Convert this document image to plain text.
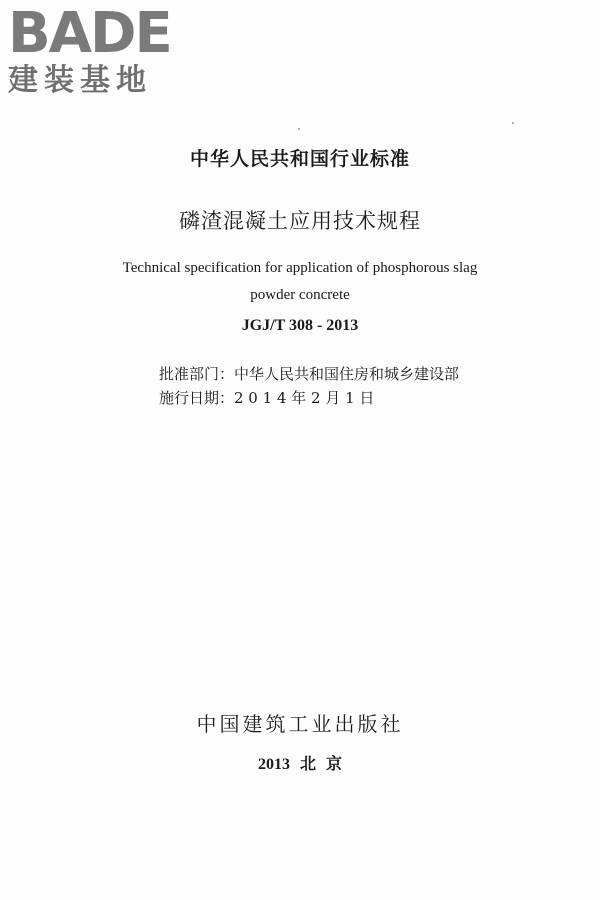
BADE
建装基地
中华人民共和国行业标准
磷渣混凝土应用技术规程
Technical specification for application of phosphorous slag
powder concrete
JGJ/T 308 - 2013
批准部门：中华人民共和国住房和城乡建设部
施行日期：2 0 1 4 年 2 月 1 日
中国建筑工业出版社
2013 北 京
